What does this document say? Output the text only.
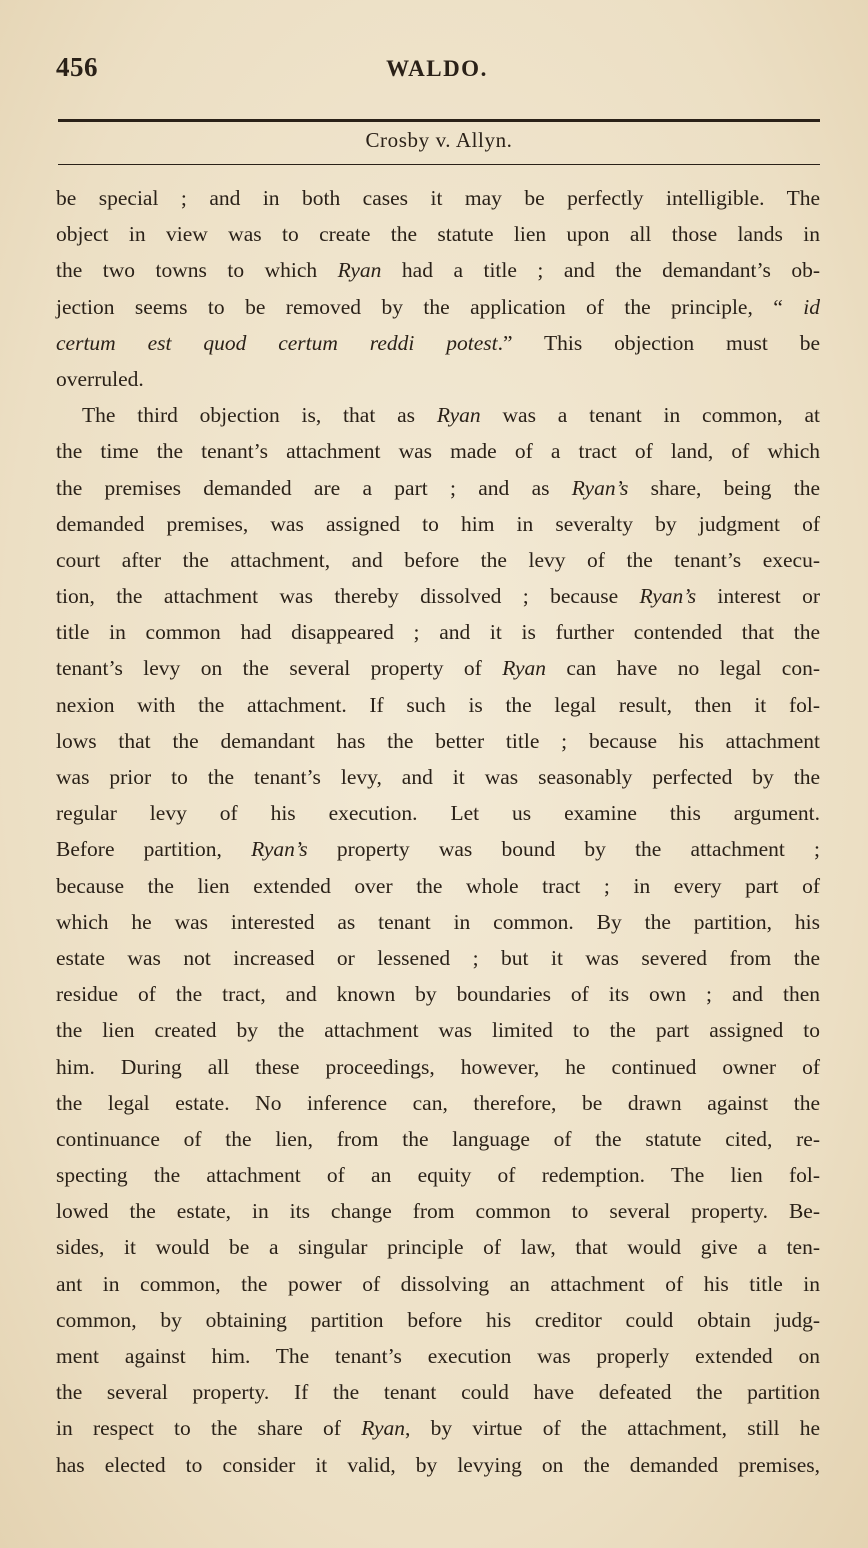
456	WALDO.
Crosby v. Allyn.
be special ; and in both cases it may be perfectly intelligible. The
object in view was to create the statute lien upon all those lands in
the two towns to which Ryan had a title ; and the demandant’s ob-
jection seems to be removed by the application of the principle, “ id
certum est quod certum reddi potest.” This objection must be
overruled.
The third objection is, that as Ryan was a tenant in common, at
the time the tenant’s attachment was made of a tract of land, of which
the premises demanded are a part ; and as Ryan’s share, being the
demanded premises, was assigned to him in severalty by judgment of
court after the attachment, and before the levy of the tenant’s execu-
tion, the attachment was thereby dissolved ; because Ryan’s interest or
title in common had disappeared ; and it is further contended that the
tenant’s levy on the several property of Ryan can have no legal con-
nexion with the attachment. If such is the legal result, then it fol-
lows that the demandant has the better title ; because his attachment
was prior to the tenant’s levy, and it was seasonably perfected by the
regular levy of his execution. Let us examine this argument.
Before partition, Ryan’s property was bound by the attachment ;
because the lien extended over the whole tract ; in every part of
which he was interested as tenant in common. By the partition, his
estate was not increased or lessened ; but it was severed from the
residue of the tract, and known by boundaries of its own ; and then
the lien created by the attachment was limited to the part assigned to
him. During all these proceedings, however, he continued owner of
the legal estate. No inference can, therefore, be drawn against the
continuance of the lien, from the language of the statute cited, re-
specting the attachment of an equity of redemption. The lien fol-
lowed the estate, in its change from common to several property. Be-
sides, it would be a singular principle of law, that would give a ten-
ant in common, the power of dissolving an attachment of his title in
common, by obtaining partition before his creditor could obtain judg-
ment against him. The tenant’s execution was properly extended on
the several property. If the tenant could have defeated the partition
in respect to the share of Ryan, by virtue of the attachment, still he
has elected to consider it valid, by levying on the demanded premises,
